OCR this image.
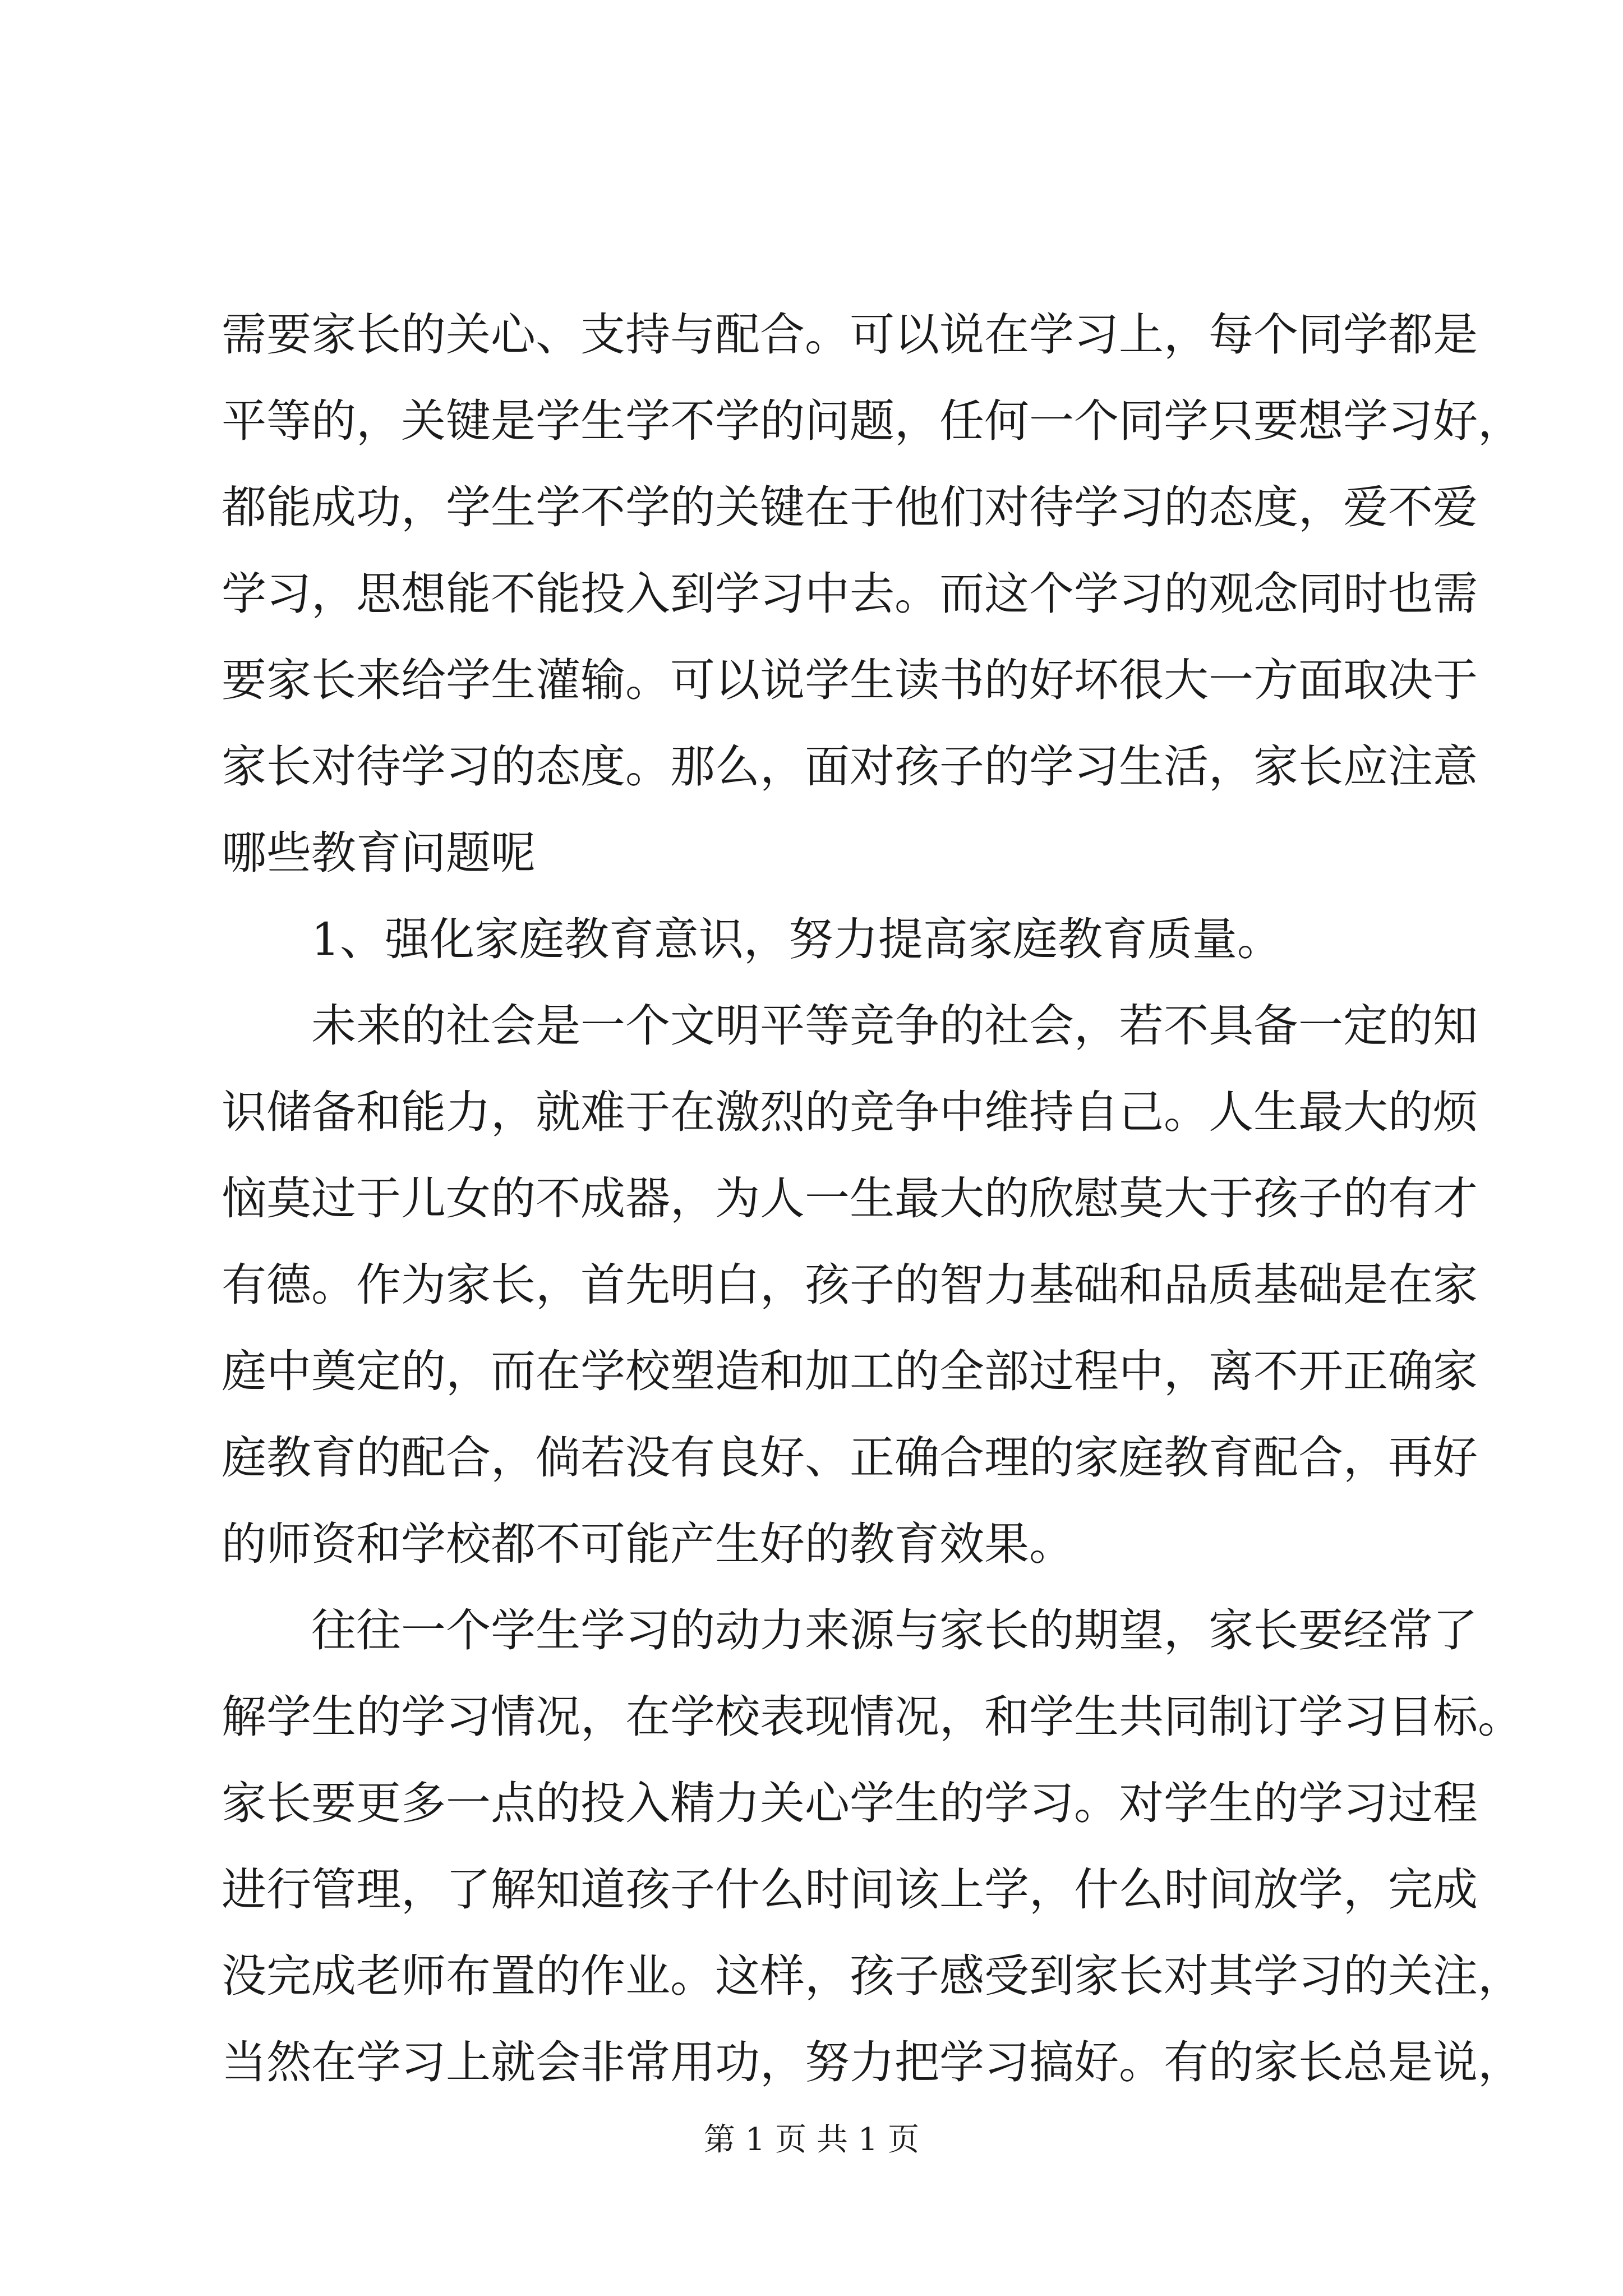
需要家长的关心、支持与配合。可以说在学习上，每个同学都是
平等的，关键是学生学不学的问题，任何一个同学只要想学习好，
都能成功，学生学不学的关键在于他们对待学习的态度，爱不爱
学习，思想能不能投入到学习中去。而这个学习的观念同时也需
要家长来给学生灌输。可以说学生读书的好坏很大一方面取决于
家长对待学习的态度。那么，面对孩子的学习生活，家长应注意
哪些教育问题呢
1、强化家庭教育意识，努力提高家庭教育质量。
未来的社会是一个文明平等竞争的社会，若不具备一定的知
识储备和能力，就难于在激烈的竞争中维持自己。人生最大的烦
恼莫过于儿女的不成器，为人一生最大的欣慰莫大于孩子的有才
有德。作为家长，首先明白，孩子的智力基础和品质基础是在家
庭中奠定的，而在学校塑造和加工的全部过程中，离不开正确家
庭教育的配合，倘若没有良好、正确合理的家庭教育配合，再好
的师资和学校都不可能产生好的教育效果。
往往一个学生学习的动力来源与家长的期望，家长要经常了
解学生的学习情况，在学校表现情况，和学生共同制订学习目标。
家长要更多一点的投入精力关心学生的学习。对学生的学习过程
进行管理，了解知道孩子什么时间该上学，什么时间放学，完成
没完成老师布置的作业。这样，孩子感受到家长对其学习的关注，
当然在学习上就会非常用功，努力把学习搞好。有的家长总是说，
第 1 页 共 1 页
